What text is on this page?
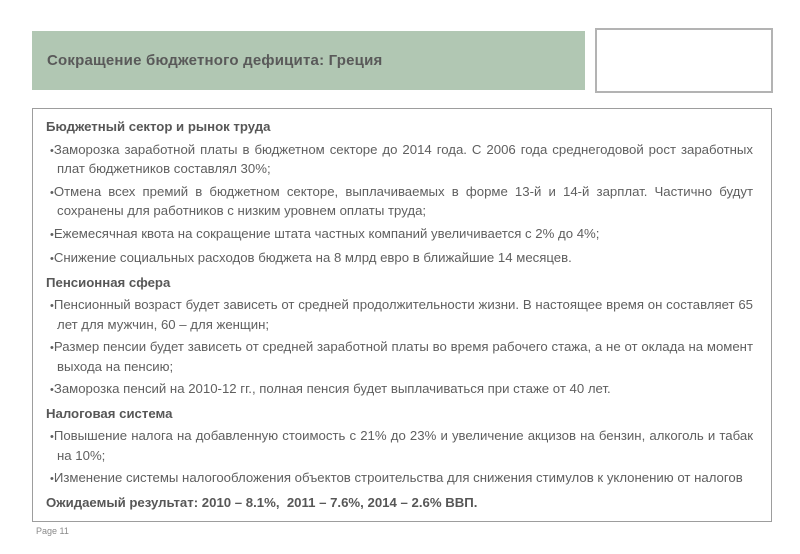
Сокращение бюджетного дефицита: Греция
Бюджетный сектор и рынок труда
• Заморозка заработной платы в бюджетном секторе до 2014 года. С 2006 года среднегодовой рост заработных плат бюджетников составлял 30%;
• Отмена всех премий в бюджетном секторе, выплачиваемых в форме 13-й и 14-й зарплат. Частично будут сохранены для работников с низким уровнем оплаты труда;
• Ежемесячная квота на сокращение штата частных компаний увеличивается с 2% до 4%;
• Снижение социальных расходов бюджета на 8 млрд евро в ближайшие 14 месяцев.
Пенсионная сфера
• Пенсионный возраст будет зависеть от средней продолжительности жизни. В настоящее время он составляет 65 лет для мужчин, 60 – для женщин;
• Размер пенсии будет зависеть от средней заработной платы во время рабочего стажа, а не от оклада на момент выхода на пенсию;
• Заморозка пенсий на 2010-12 гг., полная пенсия будет выплачиваться при стаже от 40 лет.
Налоговая система
• Повышение налога на добавленную стоимость с 21% до 23% и увеличение акцизов на бензин, алкоголь и табак на 10%;
• Изменение системы налогообложения объектов строительства для снижения стимулов к уклонению от налогов
Ожидаемый результат: 2010 – 8.1%,  2011 – 7.6%, 2014 – 2.6% ВВП.
Page 11
